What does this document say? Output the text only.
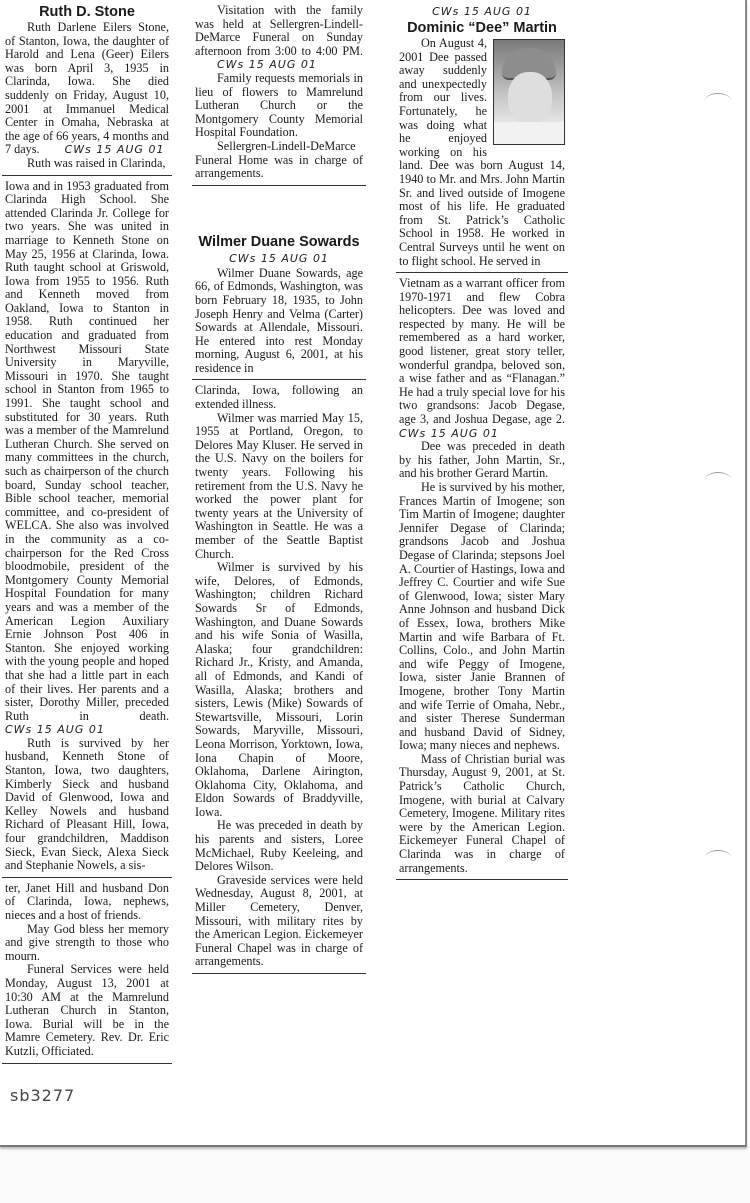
Ruth D. Stone

Ruth Darlene Eilers Stone, of Stanton, Iowa, the daughter of Harold and Lena (Geer) Eilers was born April 3, 1935 in Clarinda, Iowa. She died suddenly on Friday, August 10, 2001 at Immanuel Medical Center in Omaha, Nebraska at the age of 66 years, 4 months and 7 days. CWs 15 AUG 01

Ruth was raised in Clarinda,

Iowa and in 1953 graduated from Clarinda High School. She attended Clarinda Jr. College for two years. She was united in marriage to Kenneth Stone on May 25, 1956 at Clarinda, Iowa. Ruth taught school at Griswold, Iowa from 1955 to 1956. Ruth and Kenneth moved from Oakland, Iowa to Stanton in 1958. Ruth continued her education and graduated from Northwest Missouri State University in Maryville, Missouri in 1970. She taught school in Stanton from 1965 to 1991. She taught school and substituted for 30 years. Ruth was a member of the Mamrelund Lutheran Church. She served on many committees in the church, such as chairperson of the church board, Sunday school teacher, Bible school teacher, memorial committee, and co-president of WELCA. She also was involved in the community as a co-chairperson for the Red Cross bloodmobile, president of the Montgomery County Memorial Hospital Foundation for many years and was a member of the American Legion Auxiliary Ernie Johnson Post 406 in Stanton. She enjoyed working with the young people and hoped that she had a little part in each of their lives. Her parents and a sister, Dorothy Miller, preceded Ruth in death. CWs 15 AUG 01

Ruth is survived by her husband, Kenneth Stone of Stanton, Iowa, two daughters, Kimberly Sieck and husband David of Glenwood, Iowa and Kelley Nowels and husband Richard of Pleasant Hill, Iowa, four grandchildren, Maddison Sieck, Evan Sieck, Alexa Sieck and Stephanie Nowels, a sis-

ter, Janet Hill and husband Don of Clarinda, Iowa, nephews, nieces and a host of friends.

May God bless her memory and give strength to those who mourn.

Funeral Services were held Monday, August 13, 2001 at 10:30 AM at the Mamrelund Lutheran Church in Stanton, Iowa. Burial will be in the Mamre Cemetery. Rev. Dr. Eric Kutzli, Officiated.

Visitation with the family was held at Sellergren-Lindell-DeMarce Funeral on Sunday afternoon from 3:00 to 4:00 PM. CWs 15 AUG 01

Family requests memorials in lieu of flowers to Mamrelund Lutheran Church or the Montgomery County Memorial Hospital Foundation.

Sellergren-Lindell-DeMarce Funeral Home was in charge of arrangements.

Wilmer Duane Sowards
CWs 15 AUG 01

Wilmer Duane Sowards, age 66, of Edmonds, Washington, was born February 18, 1935, to John Joseph Henry and Velma (Carter) Sowards at Allendale, Missouri. He entered into rest Monday morning, August 6, 2001, at his residence in

Clarinda, Iowa, following an extended illness.

Wilmer was married May 15, 1955 at Portland, Oregon, to Delores May Kluser. He served in the U.S. Navy on the boilers for twenty years. Following his retirement from the U.S. Navy he worked the power plant for twenty years at the University of Washington in Seattle. He was a member of the Seattle Baptist Church.

Wilmer is survived by his wife, Delores, of Edmonds, Washington; children Richard Sowards Sr of Edmonds, Washington, and Duane Sowards and his wife Sonia of Wasilla, Alaska; four grandchildren: Richard Jr., Kristy, and Amanda, all of Edmonds, and Kandi of Wasilla, Alaska; brothers and sisters, Lewis (Mike) Sowards of Stewartsville, Missouri, Lorin Sowards, Maryville, Missouri, Leona Morrison, Yorktown, Iowa, Iona Chapin of Moore, Oklahoma, Darlene Airington, Oklahoma City, Oklahoma, and Eldon Sowards of Braddyville, Iowa.

He was preceded in death by his parents and sisters, Loree McMichael, Ruby Keeleing, and Delores Wilson.

Graveside services were held Wednesday, August 8, 2001, at Miller Cemetery, Denver, Missouri, with military rites by the American Legion. Eickemeyer Funeral Chapel was in charge of arrangements.

CWs 15 AUG 01
Dominic “Dee” Martin

On August 4, 2001 Dee passed away suddenly and unexpectedly from our lives. Fortunately, he was doing what he enjoyed working on his land. Dee was born August 14, 1940 to Mr. and Mrs. John Martin Sr. and lived outside of Imogene most of his life. He graduated from St. Patrick’s Catholic School in 1958. He worked in Central Surveys until he went on to flight school. He served in

Vietnam as a warrant officer from 1970-1971 and flew Cobra helicopters. Dee was loved and respected by many. He will be remembered as a hard worker, good listener, great story teller, wonderful grandpa, beloved son, a wise father and as “Flanagan.” He had a truly special love for his two grandsons: Jacob Degase, age 3, and Joshua Degase, age 2. CWs 15 AUG 01

Dee was preceded in death by his father, John Martin, Sr., and his brother Gerard Martin.

He is survived by his mother, Frances Martin of Imogene; son Tim Martin of Imogene; daughter Jennifer Degase of Clarinda; grandsons Jacob and Joshua Degase of Clarinda; stepsons Joel A. Courtier of Hastings, Iowa and Jeffrey C. Courtier and wife Sue of Glenwood, Iowa; sister Mary Anne Johnson and husband Dick of Essex, Iowa, brothers Mike Martin and wife Barbara of Ft. Collins, Colo., and John Martin and wife Peggy of Imogene, Iowa, sister Janie Brannen of Imogene, brother Tony Martin and wife Terrie of Omaha, Nebr., and sister Therese Sunderman and husband David of Sidney, Iowa; many nieces and nephews.

Mass of Christian burial was Thursday, August 9, 2001, at St. Patrick’s Catholic Church, Imogene, with burial at Calvary Cemetery, Imogene. Military rites were by the American Legion. Eickemeyer Funeral Chapel of Clarinda was in charge of arrangements.

sb3277
